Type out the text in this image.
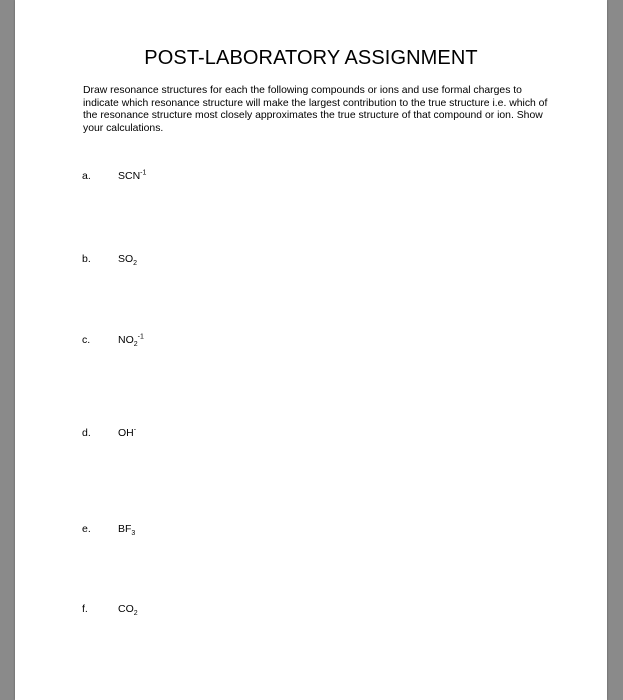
POST-LABORATORY ASSIGNMENT

Draw resonance structures for each the following compounds or ions and use formal charges to indicate which resonance structure will make the largest contribution to the true structure i.e. which of the resonance structure most closely approximates the true structure of that compound or ion. Show your calculations.

a.	$SCN^{-1}$
b.	$SO_2$
c.	$NO_2^{-1}$
d.	OH-
e.	$BF_3$
f.	$CO_2$
